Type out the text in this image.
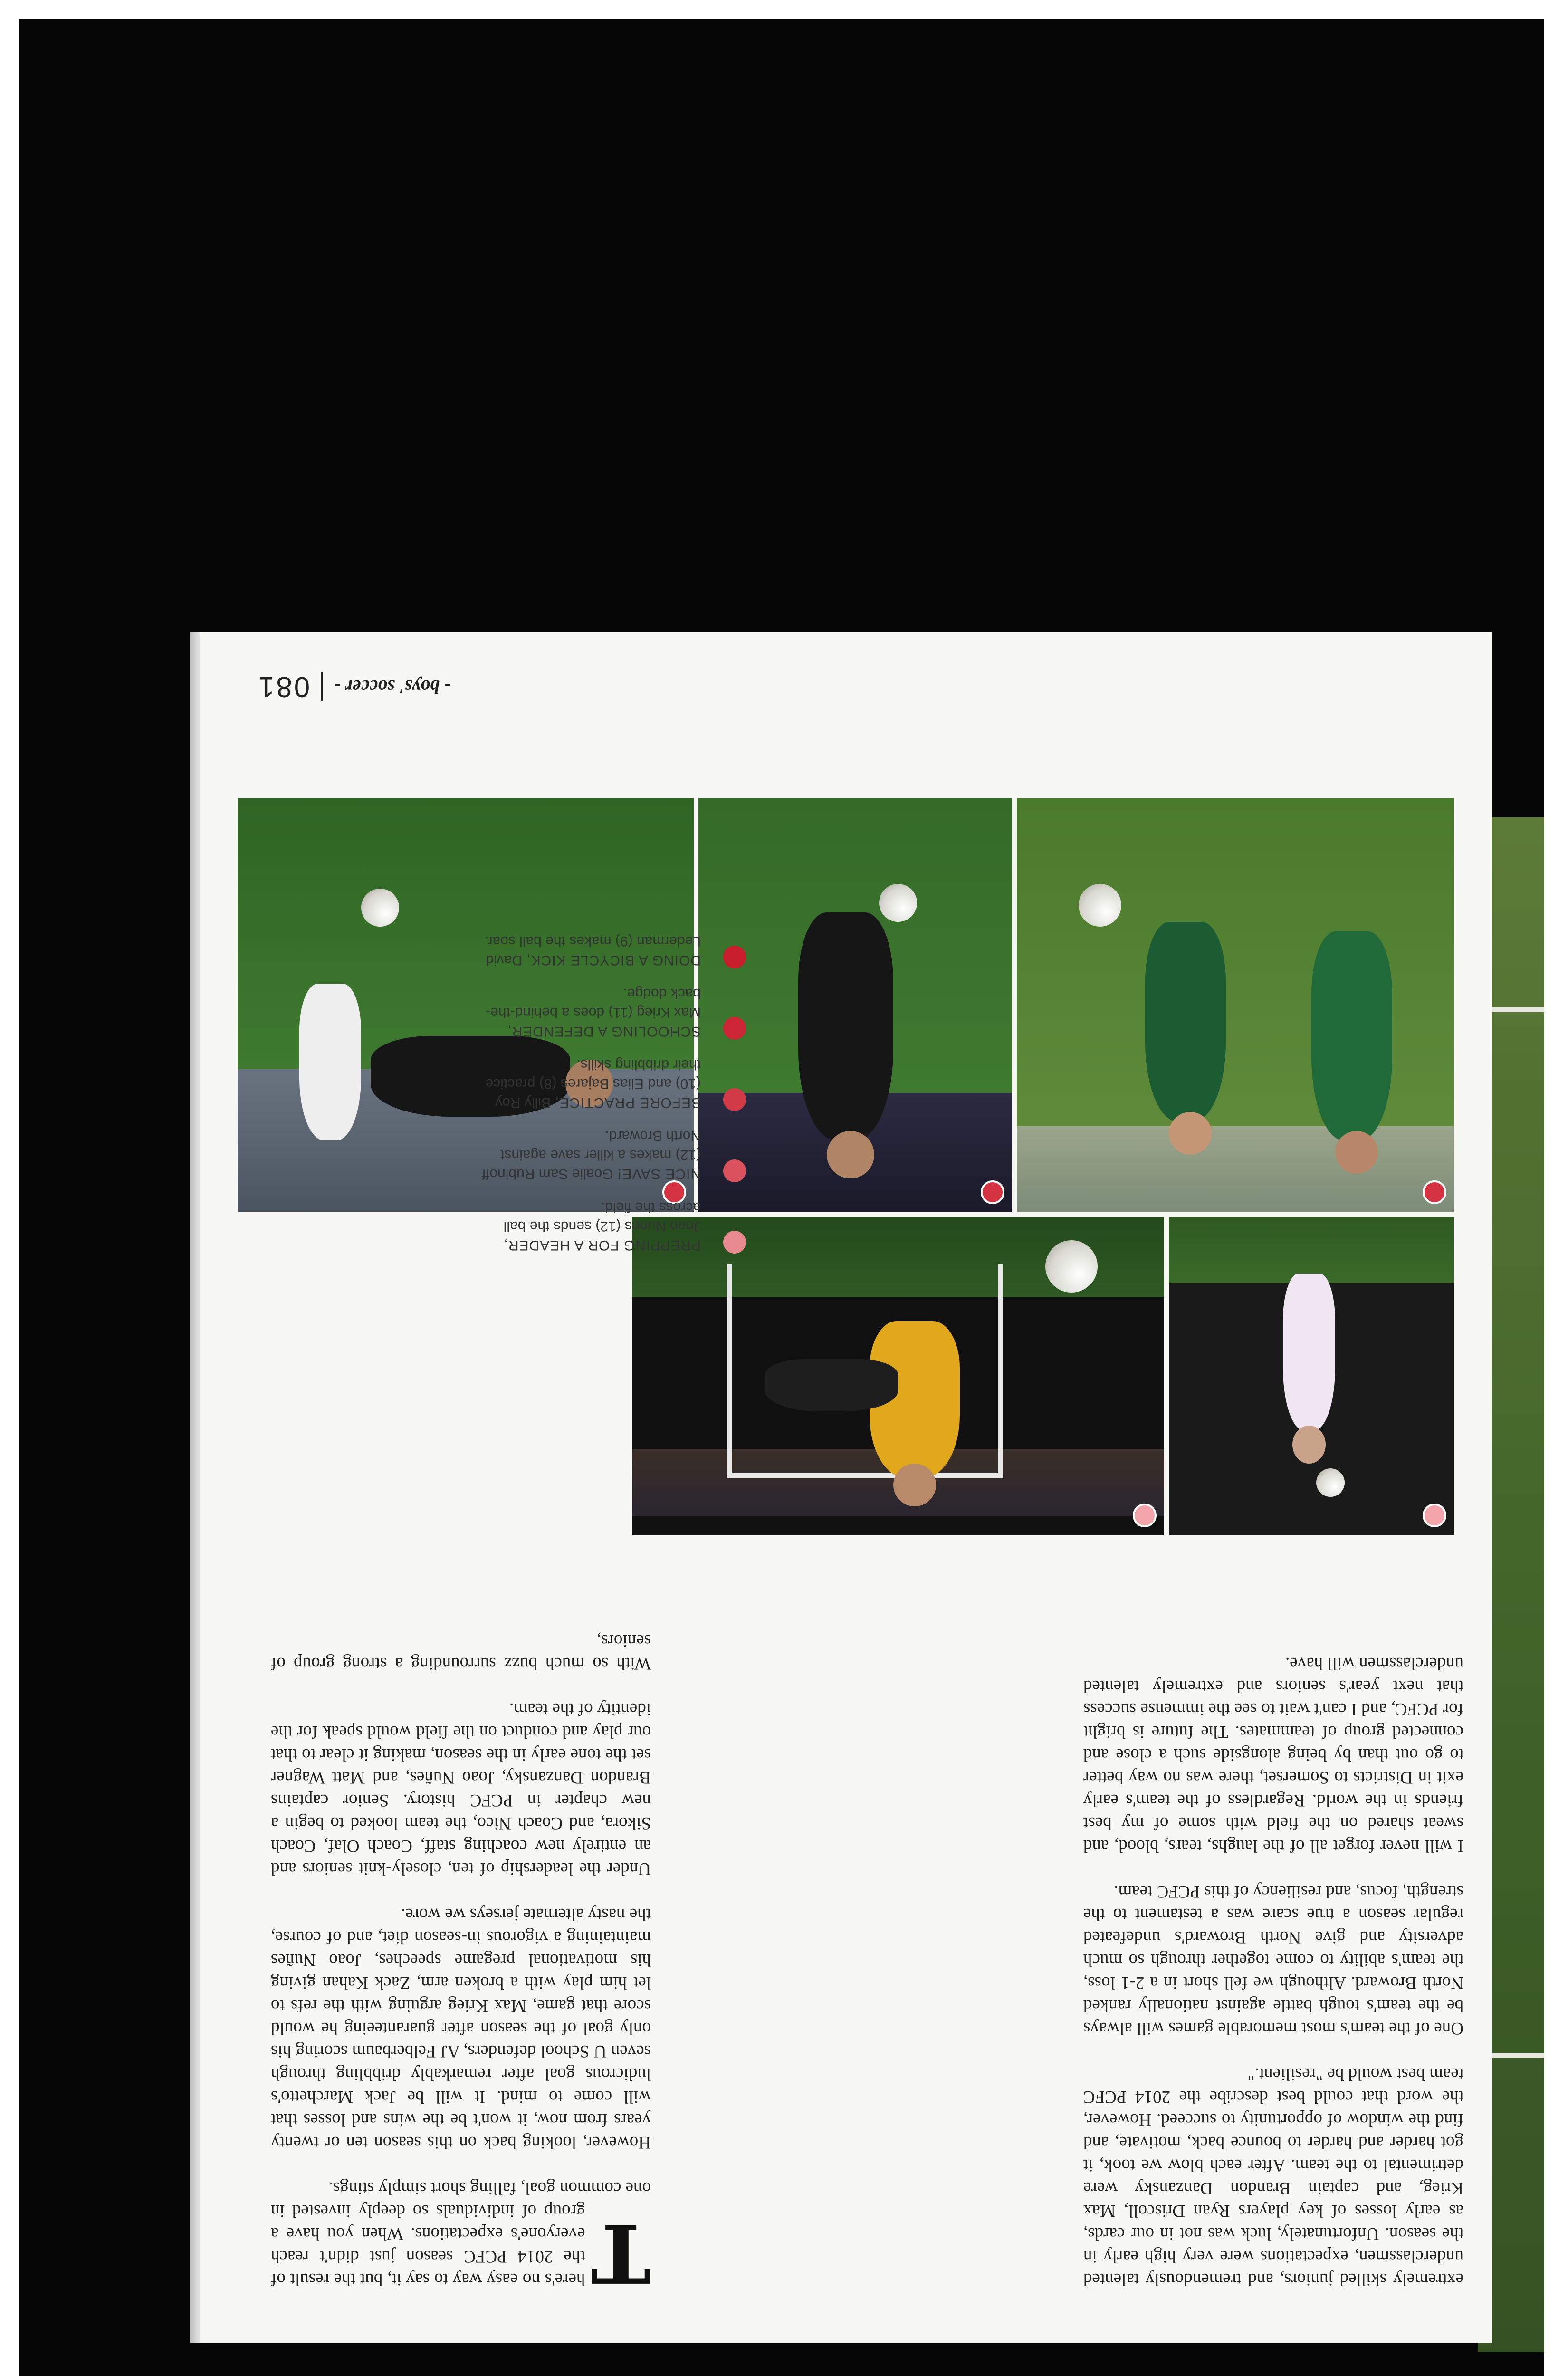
PREPPING FOR A HEADER, Joao Nunes (12) sends the ball across the field.
NICE SAVE! Goalie Sam Rubinoff (12) makes a killer save against North Broward.
BEFORE PRACTICE, Billy Roy (10) and Elias Bajares (8) practice their dribbling skills.
SCHOOLING A DEFENDER, Max Krieg (11) does a behind-the-back dodge.
DOING A BICYCLE KICK, David Lederman (9) makes the ball soar.

T
here's no easy way to say it, but the result of the 2014 PCFC season just didn't reach everyone's expectations. When you have a group of individuals so deeply invested in one common goal, falling short simply stings.

However, looking back on this season ten or twenty years from now, it won't be the wins and losses that will come to mind. It will be Jack Marchetto's ludicrous goal after remarkably dribbling through seven U School defenders, AJ Felberbaum scoring his only goal of the season after guaranteeing he would score that game, Max Krieg arguing with the refs to let him play with a broken arm, Zack Kahan giving his motivational pregame speeches, Joao Nuñes maintaining a vigorous in-season diet, and of course, the nasty alternate jerseys we wore.

Under the leadership of ten, closely-knit seniors and an entirely new coaching staff, Coach Olaf, Coach Sikora, and Coach Nico, the team looked to begin a new chapter in PCFC history. Senior captains Brandon Danzansky, Joao Nuñes, and Matt Wagner set the tone early in the season, making it clear to that our play and conduct on the field would speak for the identity of the team.

With so much buzz surrounding a strong group of seniors,

extremely skilled juniors, and tremendously talented underclassmen, expectations were very high early in the season. Unfortunately, luck was not in our cards, as early losses of key players Ryan Driscoll, Max Krieg, and captain Brandon Danzansky were detrimental to the team. After each blow we took, it got harder and harder to bounce back, motivate, and find the window of opportunity to succeed. However, the word that could best describe the 2014 PCFC team best would be "resilient."

One of the team's most memorable games will always be the team's tough battle against nationally ranked North Broward. Although we fell short in a 2-1 loss, the team's ability to come together through so much adversity and give North Broward's undefeated regular season a true scare was a testament to the strength, focus, and resiliency of this PCFC team.

I will never forget all of the laughs, tears, blood, and sweat shared on the field with some of my best friends in the world. Regardless of the team's early exit in Districts to Somerset, there was no way better to go out than by being alongside such a close and connected group of teammates. The future is bright for PCFC, and I can't wait to see the immense success that next year's seniors and extremely talented underclassmen will have.

- boys' soccer -  081
